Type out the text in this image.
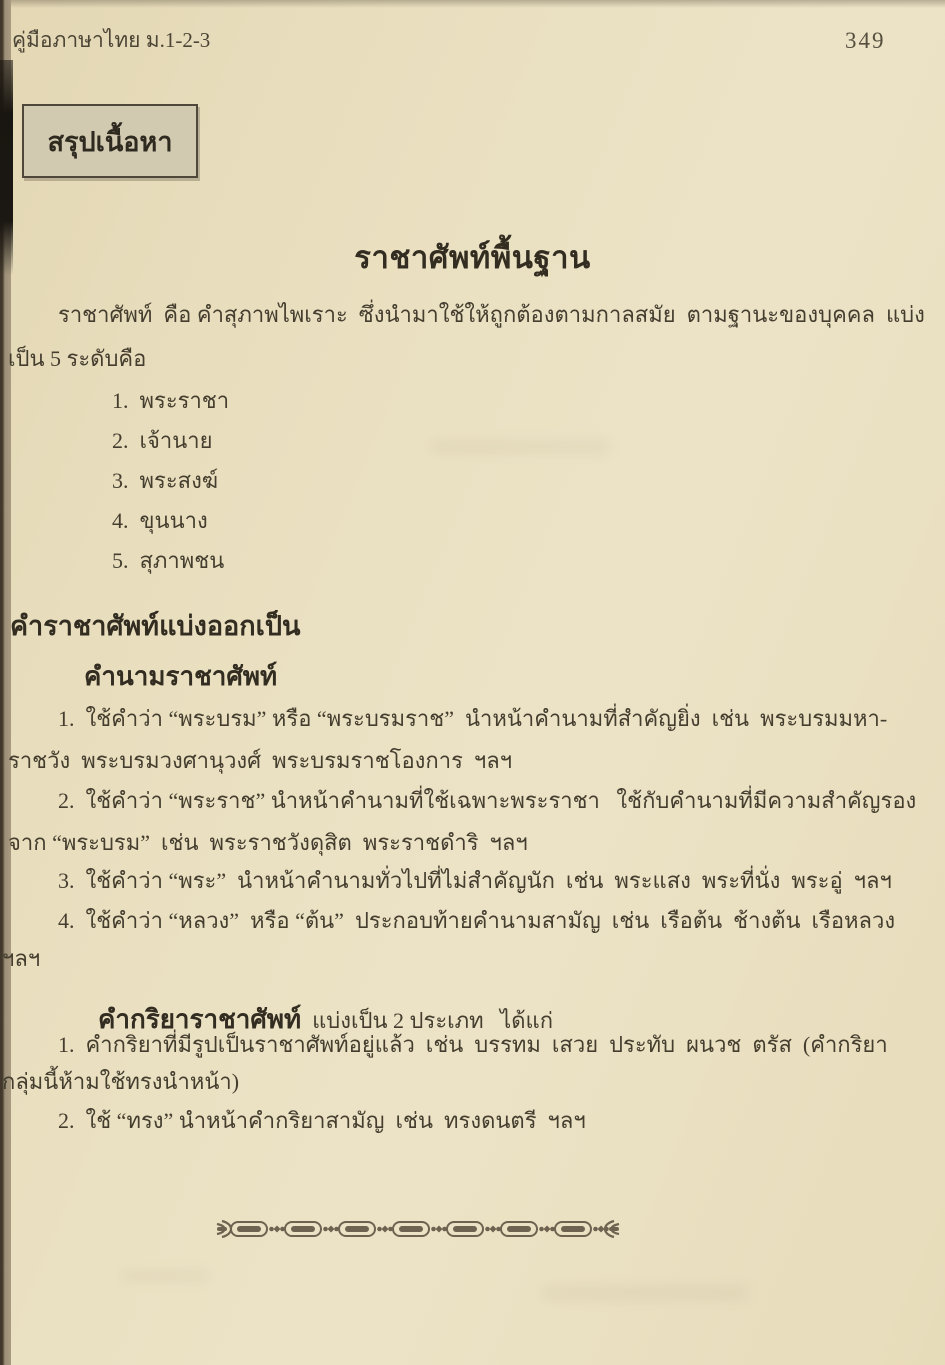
คู่มือภาษาไทย ม.1-2-3	349
สรุปเนื้อหา
ราชาศัพท์พื้นฐาน
ราชาศัพท์  คือ คำสุภาพไพเราะ  ซึ่งนำมาใช้ให้ถูกต้องตามกาลสมัย  ตามฐานะของบุคคล  แบ่ง
เป็น 5 ระดับคือ
1.  พระราชา
2.  เจ้านาย
3.  พระสงฆ์
4.  ขุนนาง
5.  สุภาพชน
คำราชาศัพท์แบ่งออกเป็น
คำนามราชาศัพท์
1.  ใช้คำว่า “พระบรม” หรือ “พระบรมราช”  นำหน้าคำนามที่สำคัญยิ่ง  เช่น  พระบรมมหา-
ราชวัง  พระบรมวงศานุวงศ์  พระบรมราชโองการ  ฯลฯ
2.  ใช้คำว่า “พระราช” นำหน้าคำนามที่ใช้เฉพาะพระราชา   ใช้กับคำนามที่มีความสำคัญรอง
จาก “พระบรม”  เช่น  พระราชวังดุสิต  พระราชดำริ  ฯลฯ
3.  ใช้คำว่า “พระ”  นำหน้าคำนามทั่วไปที่ไม่สำคัญนัก  เช่น  พระแสง  พระที่นั่ง  พระอู่  ฯลฯ
4.  ใช้คำว่า “หลวง”  หรือ “ต้น”  ประกอบท้ายคำนามสามัญ  เช่น  เรือต้น  ช้างต้น  เรือหลวง
ฯลฯ

คำกริยาราชาศัพท์  แบ่งเป็น 2 ประเภท   ได้แก่

1.  คำกริยาที่มีรูปเป็นราชาศัพท์อยู่แล้ว  เช่น  บรรทม  เสวย  ประทับ  ผนวช  ตรัส  (คำกริยา
กลุ่มนี้ห้ามใช้ทรงนำหน้า)
2.  ใช้ “ทรง” นำหน้าคำกริยาสามัญ  เช่น  ทรงดนตรี  ฯลฯ
